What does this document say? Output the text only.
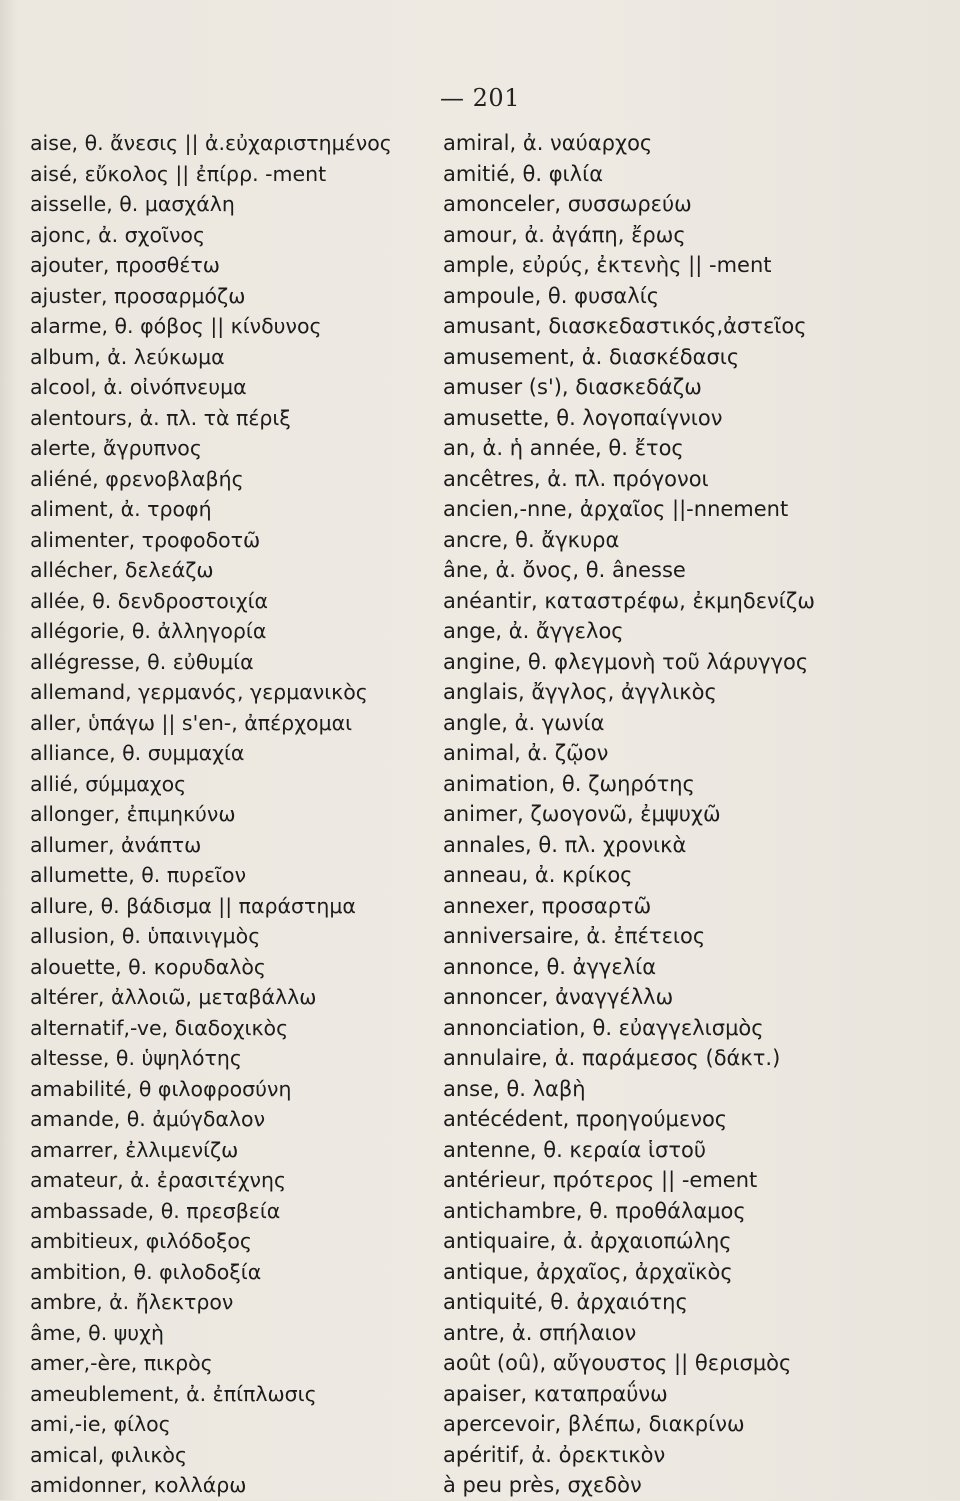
— 201
aise, θ. ἄνεσις || ἀ.εὐχαριστημένος
aisé, εὔκολος || ἐπίρρ. -ment
aisselle, θ. μασχάλη
ajonc, ἀ. σχοῖνος
ajouter, προσθέτω
ajuster, προσαρμόζω
alarme, θ. φόβος || κίνδυνος
album, ἀ. λεύκωμα
alcool, ἀ. οἰνόπνευμα
alentours, ἀ. πλ. τὰ πέριξ
alerte, ἄγρυπνος
aliéné, φρενοβλαβής
aliment, ἀ. τροφή
alimenter, τροφοδοτῶ
allécher, δελεάζω
allée, θ. δενδροστοιχία
allégorie, θ. ἀλληγορία
allégresse, θ. εὐθυμία
allemand, γερμανός, γερμανικὸς
aller, ὑπάγω || s'en-, ἀπέρχομαι
alliance, θ. συμμαχία
allié, σύμμαχος
allonger, ἐπιμηκύνω
allumer, ἀνάπτω
allumette, θ. πυρεῖον
allure, θ. βάδισμα || παράστημα
allusion, θ. ὑπαινιγμὸς
alouette, θ. κορυδαλὸς
altérer, ἀλλοιῶ, μεταβάλλω
alternatif,-ve, διαδοχικὸς
altesse, θ. ὑψηλότης
amabilité, θ φιλοφροσύνη
amande, θ. ἀμύγδαλον
amarrer, ἐλλιμενίζω
amateur, ἀ. ἐρασιτέχνης
ambassade, θ. πρεσβεία
ambitieux, φιλόδοξος
ambition, θ. φιλοδοξία
ambre, ἀ. ἤλεκτρον
âme, θ. ψυχὴ
amer,-ère, πικρὸς
ameublement, ἀ. ἐπίπλωσις
ami,-ie, φίλος
amical, φιλικὸς
amidonner, κολλάρω
amiral, ἀ. ναύαρχος
amitié, θ. φιλία
amonceler, συσσωρεύω
amour, ἀ. ἀγάπη, ἔρως
ample, εὐρύς, ἐκτενὴς || -ment
ampoule, θ. φυσαλίς
amusant, διασκεδαστικός,ἀστεῖος
amusement, ἀ. διασκέδασις
amuser (s'), διασκεδάζω
amusette, θ. λογοπαίγνιον
an, ἀ. ἡ année, θ. ἔτος
ancêtres, ἀ. πλ. πρόγονοι
ancien,-nne, ἀρχαῖος ||-nnement
ancre, θ. ἄγκυρα
âne, ἀ. ὄνος, θ. ânesse
anéantir, καταστρέφω, ἐκμηδενίζω
ange, ἀ. ἄγγελος
angine, θ. φλεγμονὴ τοῦ λάρυγγος
anglais, ἄγγλος, ἀγγλικὸς
angle, ἀ. γωνία
animal, ἀ. ζῷον
animation, θ. ζωηρότης
animer, ζωογονῶ, ἐμψυχῶ
annales, θ. πλ. χρονικὰ
anneau, ἀ. κρίκος
annexer, προσαρτῶ
anniversaire, ἀ. ἐπέτειος
annonce, θ. ἀγγελία
annoncer, ἀναγγέλλω
annonciation, θ. εὐαγγελισμὸς
annulaire, ἀ. παράμεσος (δάκτ.)
anse, θ. λαβὴ
antécédent, προηγούμενος
antenne, θ. κεραία ἱστοῦ
antérieur, πρότερος || -ement
antichambre, θ. προθάλαμος
antiquaire, ἀ. ἀρχαιοπώλης
antique, ἀρχαῖος, ἀρχαϊκὸς
antiquité, θ. ἀρχαιότης
antre, ἀ. σπήλαιον
août (oû), αὔγουστος || θερισμὸς
apaiser, καταπραΰνω
apercevoir, βλέπω, διακρίνω
apéritif, ἀ. ὀρεκτικὸν
à peu près, σχεδὸν
